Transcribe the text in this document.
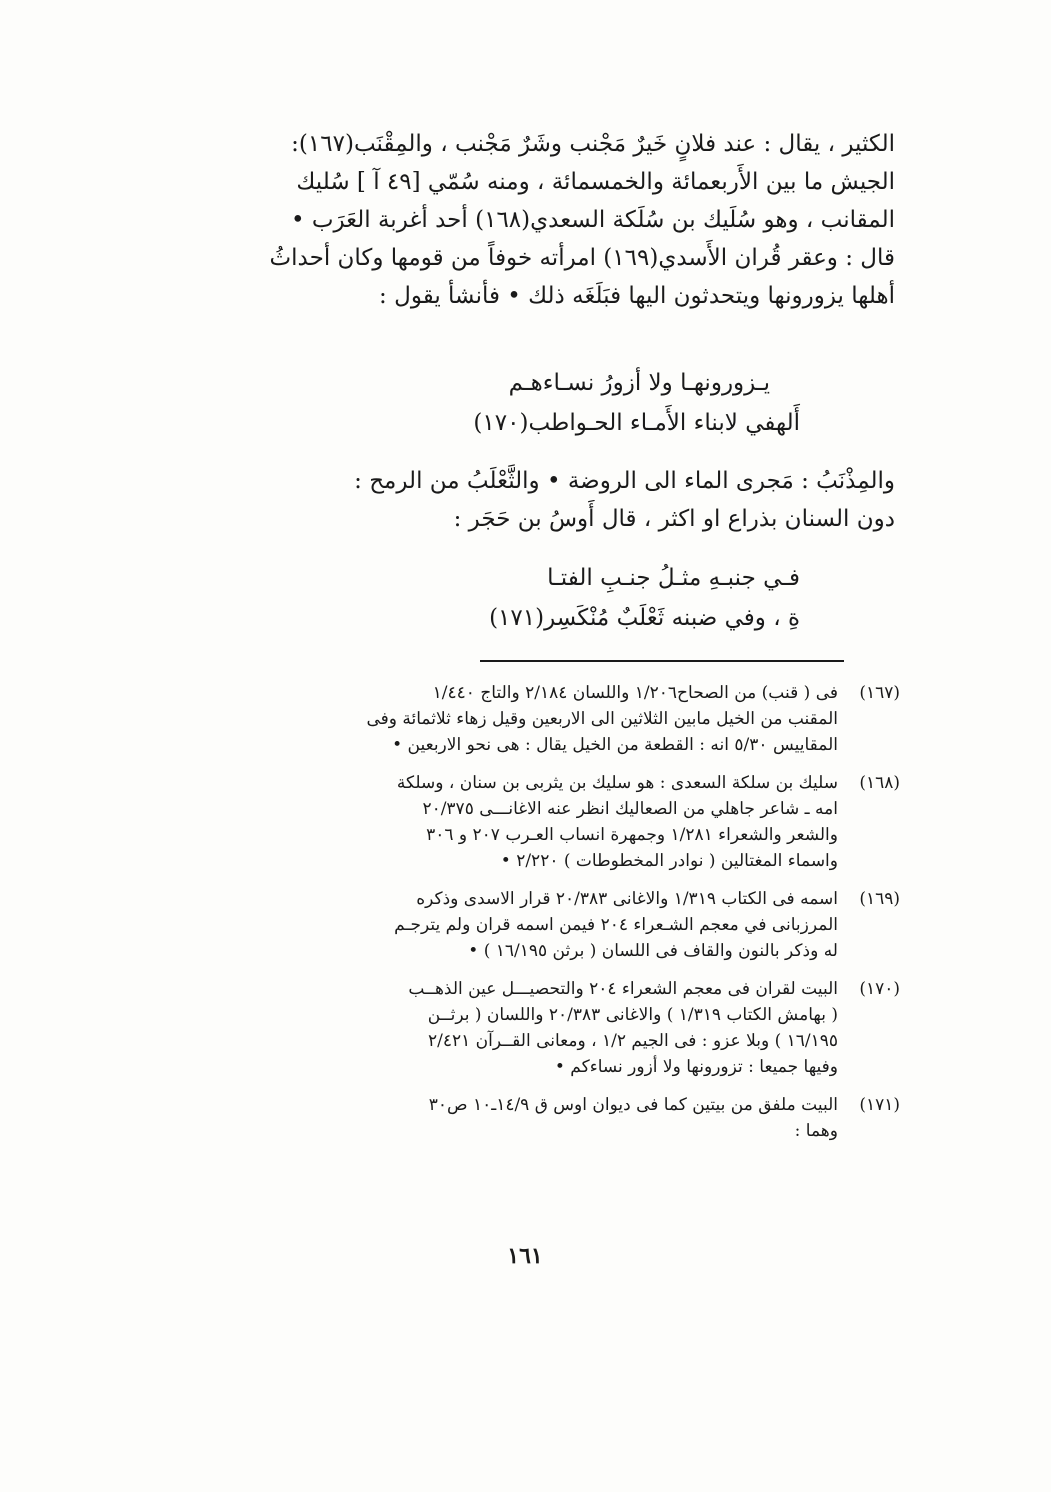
الكثير ، يقال : عند فلانٍ خَيرٌ مَجْنب وشَرٌ مَجْنب ، والمِقْنَب(١٦٧):
الجيش ما بين الأَربعمائة والخمسمائة ، ومنه سُمّي [٤٩ آ ] سُليك
المقانب ، وهو سُلَيك بن سُلَكة السعدي(١٦٨) أحد أغربة العَرَب •
قال : وعقر قُران الأَسدي(١٦٩) امرأته خوفاً من قومها وكان أحداثُ
أهلها يزورونها ويتحدثون اليها فبَلَغَه ذلك • فأنشأ يقول :
يـزورونهـا ولا أزورُ نسـاءهـم
أَلهفي لابناء الأَمـاء الحـواطب(١٧٠)
والمِذْنَبُ : مَجرى الماء الى الروضة • والثَّعْلَبُ من الرمح :
دون السنان بذراع او اكثر ، قال أَوسُ بن حَجَر :
فـي جنبـهِ مثـلُ جنـبِ الفتـا
ةِ ، وفي ضبنه ثَعْلَبٌ مُنْكَسِر(١٧١)
(١٦٧)
فى ( قنب) من الصحاح١/٢٠٦ واللسان ٢/١٨٤ والتاج ١/٤٤٠
المقنب من الخيل مابين الثلاثين الى الاربعين وقيل زهاء ثلاثمائة وفى
المقاييس ٥/٣٠ انه : القطعة من الخيل يقال : هى نحو الاربعين •
(١٦٨)
سليك بن سلكة السعدى : هو سليك بن يثربى بن سنان ، وسلكة
امه ـ شاعر جاهلي من الصعاليك انظر عنه الاغانـــى ٢٠/٣٧٥
والشعر والشعراء ١/٢٨١ وجمهرة انساب العـرب ٢٠٧ و ٣٠٦
واسماء المغتالين ( نوادر المخطوطات ) ٢/٢٢٠ •
(١٦٩)
اسمه فى الكتاب ١/٣١٩ والاغانى ٢٠/٣٨٣ قرار الاسدى وذكره
المرزبانى في معجم الشـعراء ٢٠٤ فيمن اسمه قران ولم يترجـم
له وذكر بالنون والقاف فى اللسان ( برثن ١٦/١٩٥ ) •
(١٧٠)
البيت لقران فى معجم الشعراء ٢٠٤ والتحصيـــل عين الذهــب
( بهامش الكتاب ١/٣١٩ ) والاغانى ٢٠/٣٨٣ واللسان ( برثــن
١٦/١٩٥ ) وبلا عزو : فى الجيم ١/٢ ، ومعانى القــرآن ٢/٤٢١
وفيها جميعا : تزورونها ولا أزور نساءكم •
(١٧١)
البيت ملفق من بيتين كما فى ديوان اوس ق ١٤/٩ـ١٠ ص٣٠
وهما :
١٦١
